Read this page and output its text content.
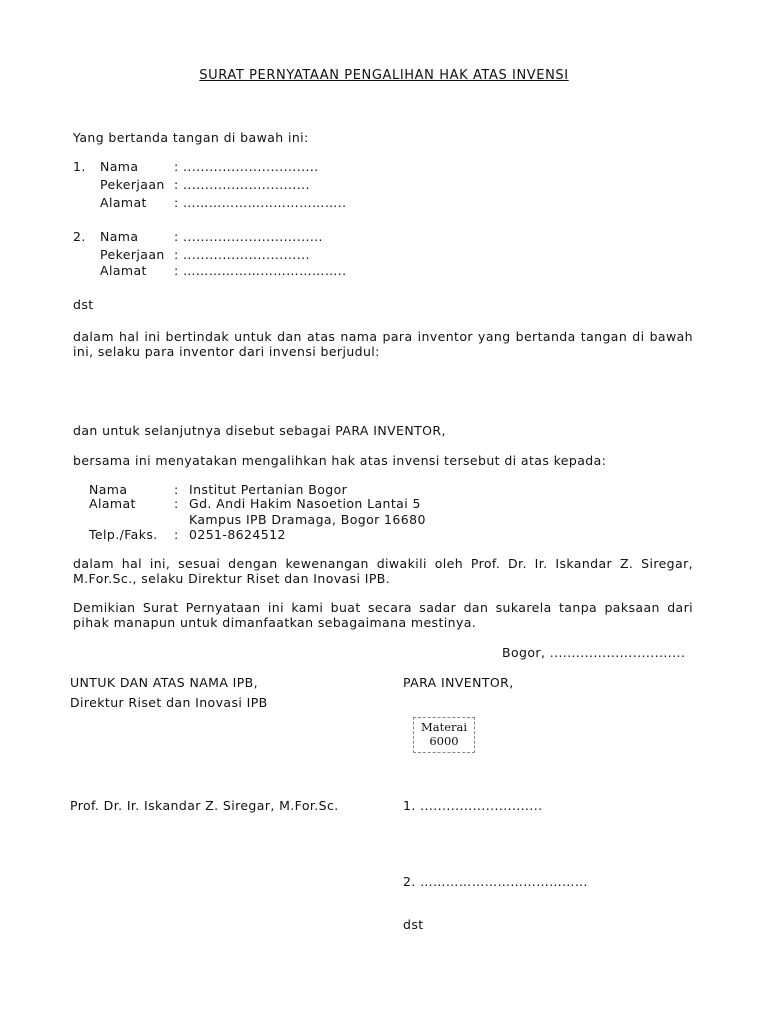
SURAT PERNYATAAN PENGALIHAN HAK ATAS INVENSI
Yang bertanda tangan di bawah ini:
1. Nama	: ...............................
Pekerjaan : .............................
Alamat : ………………………………..
2. Nama	: ................................
Pekerjaan : .............................
Alamat : ………………………………..
dst
dalam hal ini bertindak untuk dan atas nama para inventor yang bertanda tangan di bawah ini, selaku para inventor dari invensi berjudul:
dan untuk selanjutnya disebut sebagai PARA INVENTOR,
bersama ini menyatakan mengalihkan hak atas invensi tersebut di atas kepada:
Nama	: Institut Pertanian Bogor
Alamat	: Gd. Andi Hakim Nasoetion Lantai 5
Kampus IPB Dramaga, Bogor 16680
Telp./Faks. : 0251-8624512
dalam hal ini, sesuai dengan kewenangan diwakili oleh Prof. Dr. Ir. Iskandar Z. Siregar, M.For.Sc., selaku Direktur Riset dan Inovasi IPB.
Demikian Surat Pernyataan ini kami buat secara sadar dan sukarela tanpa paksaan dari pihak manapun untuk dimanfaatkan sebagaimana mestinya.
Bogor, ...............................
UNTUK DAN ATAS NAMA IPB,
Direktur Riset dan Inovasi IPB
Prof. Dr. Ir. Iskandar Z. Siregar, M.For.Sc.
PARA INVENTOR,
Materai
6000
1. ............................
2. …………………………………
dst
